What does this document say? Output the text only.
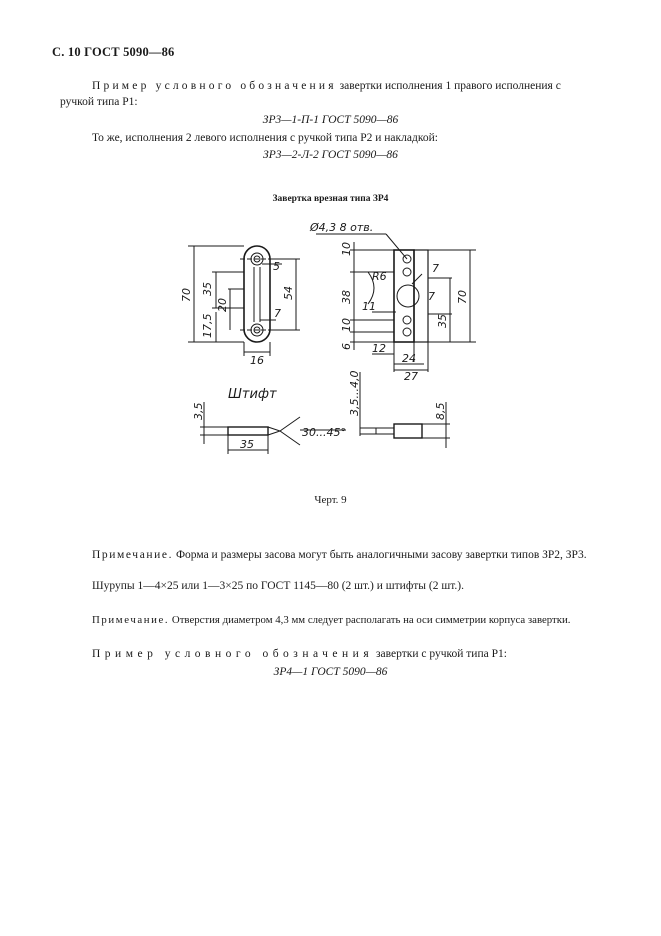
С. 10 ГОСТ 5090—86
Пример условного обозначения завертки исполнения 1 правого исполнения с
ручкой типа Р1:
ЗР3—1-П-1 ГОСТ 5090—86
То же, исполнения 2 левого исполнения с ручкой типа Р2 и накладкой:
ЗР3—2-Л-2 ГОСТ 5090—86
Завертка врезная типа ЗР4
70 35
20
17,5
54
5
7
16
Ø4,3 8 отв.
10
38
R6
11
10
6
7
7
35
70
12
24
27
Штифт
3,5
35
30...45°
3,5...4,0	8,5
Черт. 9
Примечание. Форма и размеры засова могут быть аналогичными засову завертки типов ЗР2, ЗР3.
Шурупы 1—4×25 или 1—3×25 по ГОСТ 1145—80 (2 шт.) и штифты (2 шт.).
Примечание. Отверстия диаметром 4,3 мм следует располагать на оси симметрии корпуса завертки.
Пример условного обозначения завертки с ручкой типа Р1:
ЗР4—1 ГОСТ 5090—86
